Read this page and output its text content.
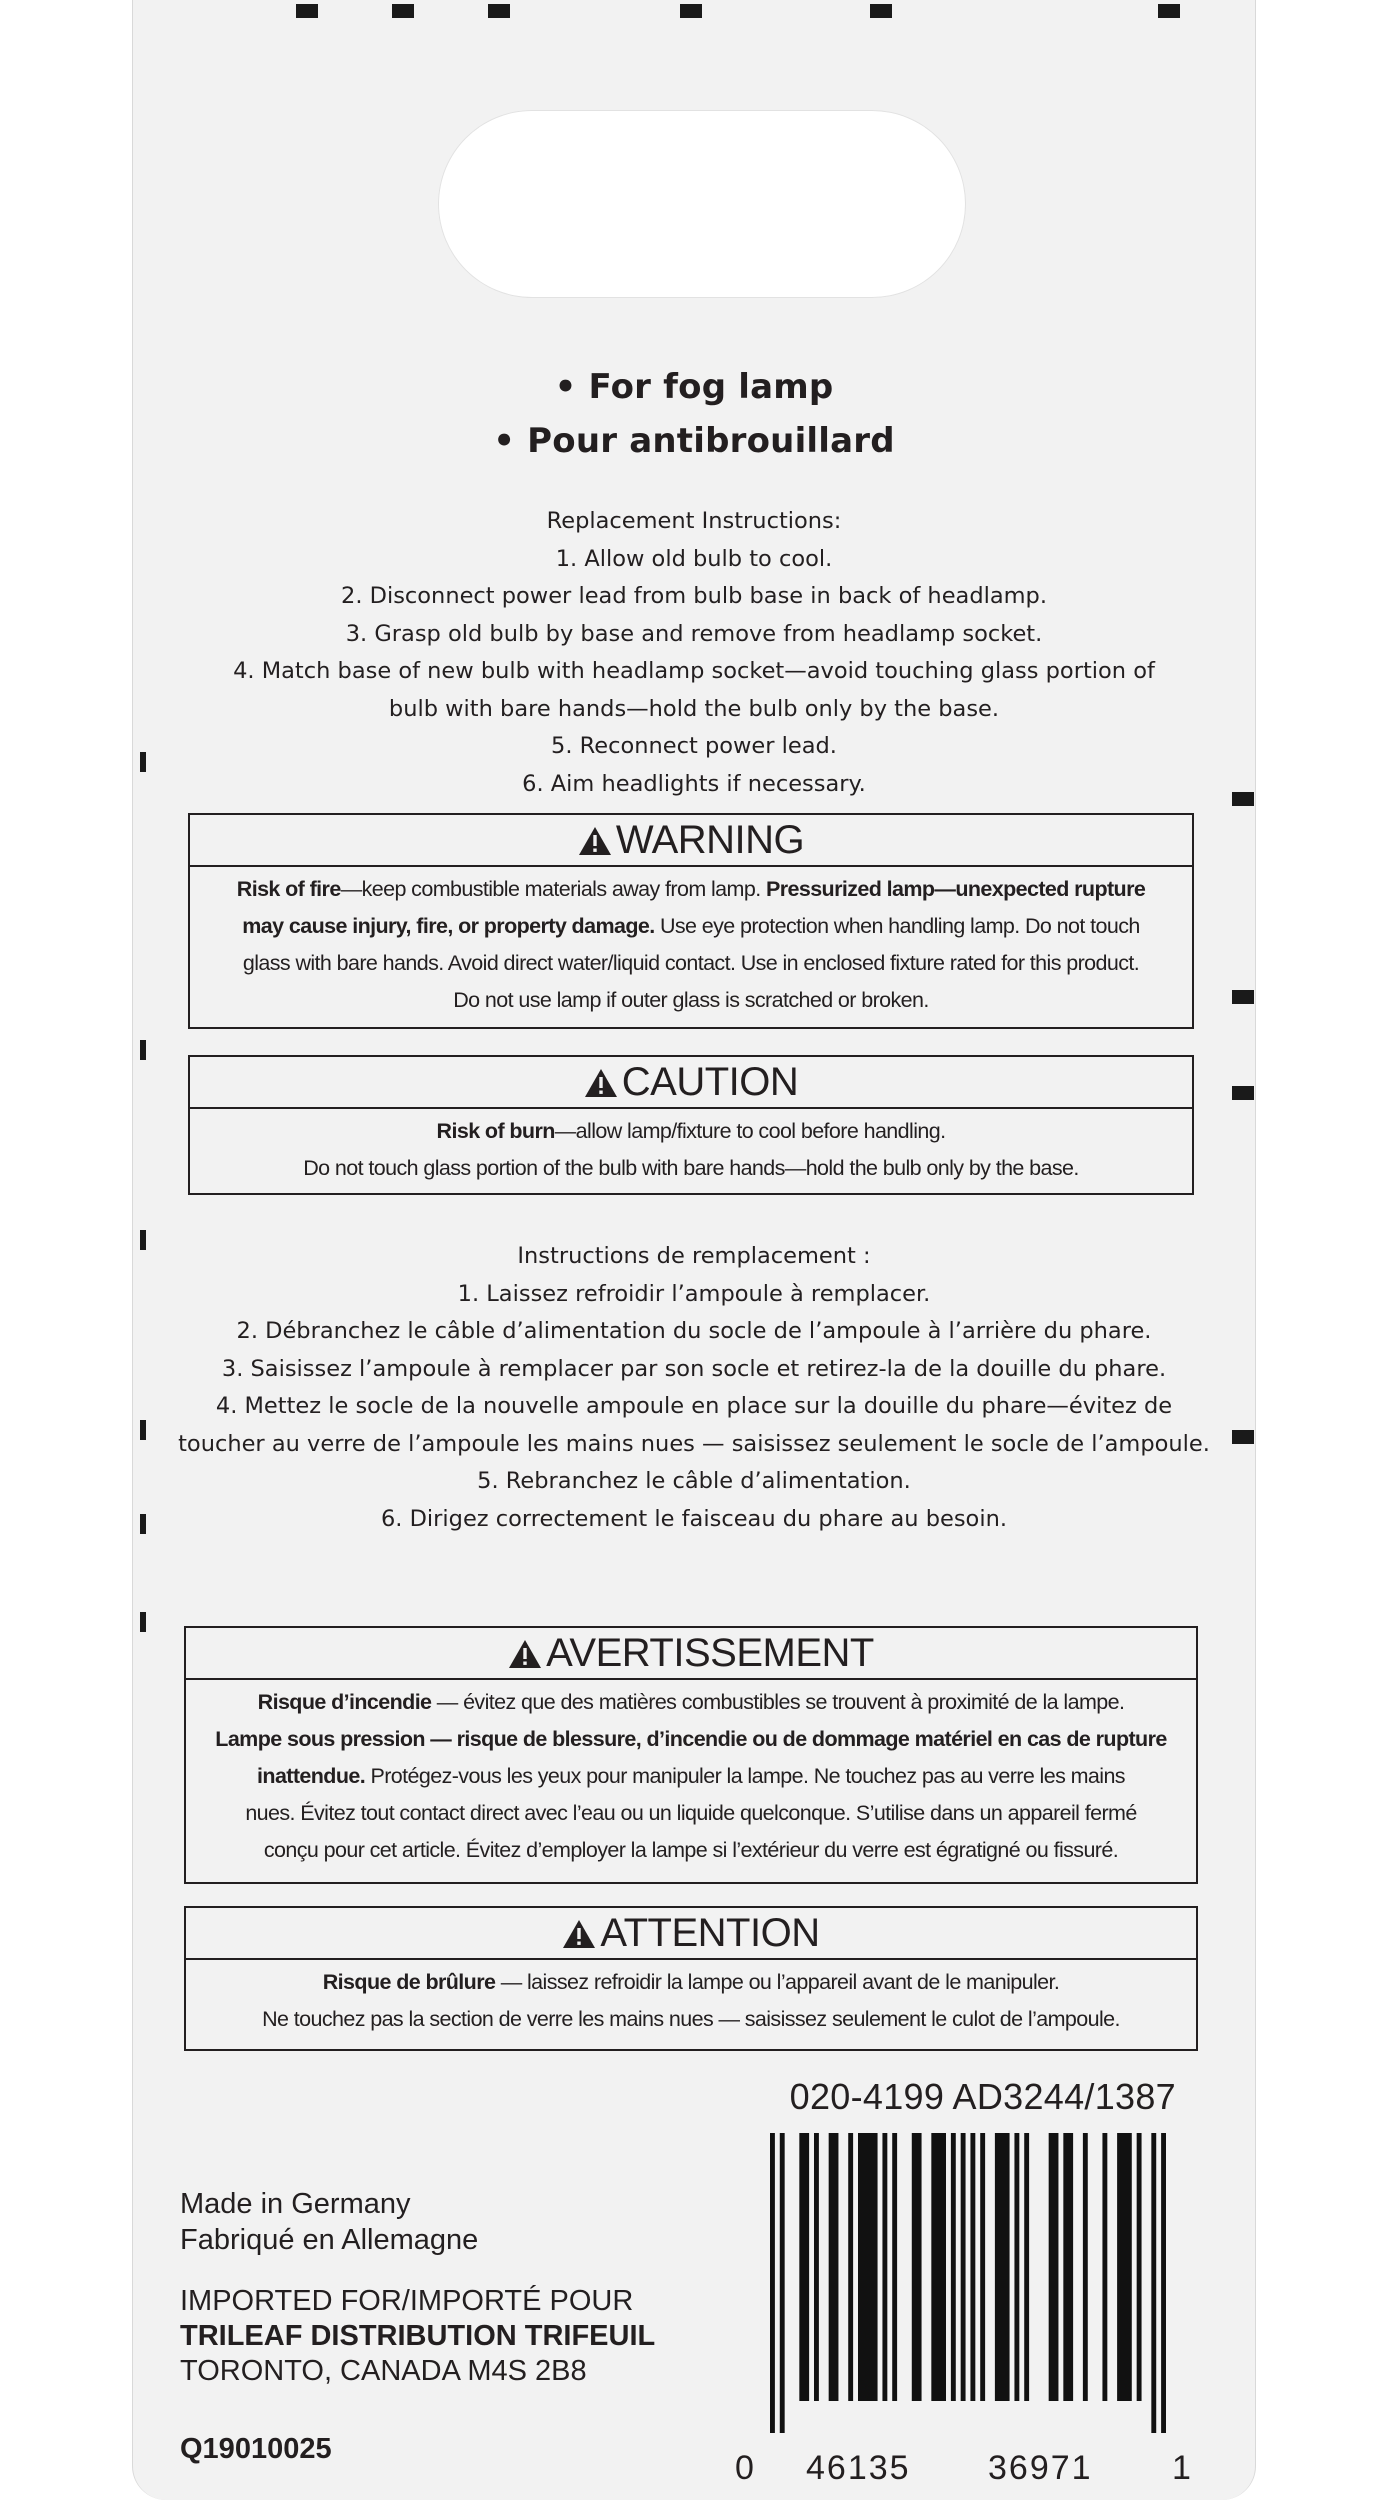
• For fog lamp
• Pour antibrouillard
Replacement Instructions:
1. Allow old bulb to cool.
2. Disconnect power lead from bulb base in back of headlamp.
3. Grasp old bulb by base and remove from headlamp socket.
4. Match base of new bulb with headlamp socket—avoid touching glass portion of
bulb with bare hands—hold the bulb only by the base.
5. Reconnect power lead.
6. Aim headlights if necessary.
WARNING
Risk of fire—keep combustible materials away from lamp. Pressurized lamp—unexpected rupture
may cause injury, fire, or property damage. Use eye protection when handling lamp. Do not touch
glass with bare hands. Avoid direct water/liquid contact. Use in enclosed fixture rated for this product.
Do not use lamp if outer glass is scratched or broken.
CAUTION
Risk of burn—allow lamp/fixture to cool before handling.
Do not touch glass portion of the bulb with bare hands—hold the bulb only by the base.
Instructions de remplacement :
1. Laissez refroidir l’ampoule à remplacer.
2. Débranchez le câble d’alimentation du socle de l’ampoule à l’arrière du phare.
3. Saisissez l’ampoule à remplacer par son socle et retirez-la de la douille du phare.
4. Mettez le socle de la nouvelle ampoule en place sur la douille du phare—évitez de
toucher au verre de l’ampoule les mains nues — saisissez seulement le socle de l’ampoule.
5. Rebranchez le câble d’alimentation.
6. Dirigez correctement le faisceau du phare au besoin.
AVERTISSEMENT
Risque d’incendie — évitez que des matières combustibles se trouvent à proximité de la lampe.
Lampe sous pression — risque de blessure, d’incendie ou de dommage matériel en cas de rupture
inattendue. Protégez-vous les yeux pour manipuler la lampe. Ne touchez pas au verre les mains
nues. Évitez tout contact direct avec l’eau ou un liquide quelconque. S’utilise dans un appareil fermé
conçu pour cet article. Évitez d’employer la lampe si l’extérieur du verre est égratigné ou fissuré.
ATTENTION
Risque de brûlure — laissez refroidir la lampe ou l’appareil avant de le manipuler.
Ne touchez pas la section de verre les mains nues — saisissez seulement le culot de l’ampoule.
020-4199 AD3244/1387
Made in Germany
Fabriqué en Allemagne
IMPORTED FOR/IMPORTÉ POUR
TRILEAF DISTRIBUTION TRIFEUIL
TORONTO, CANADA M4S 2B8
Q19010025	0 46135 36971 1
